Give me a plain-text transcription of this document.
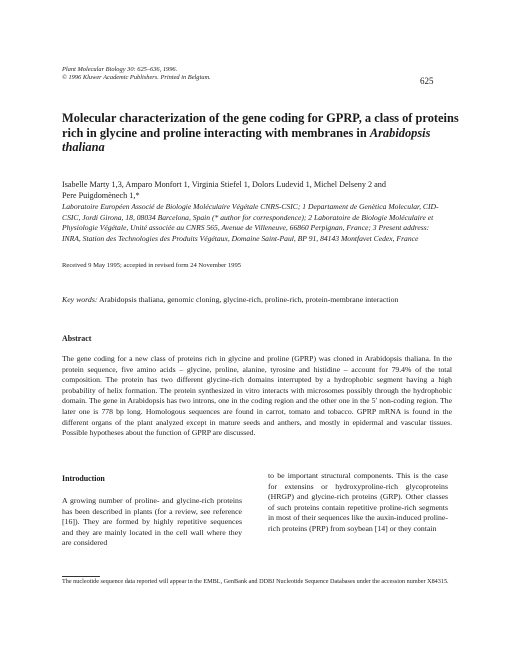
Plant Molecular Biology 30: 625–636, 1996.
© 1996 Kluwer Academic Publishers. Printed in Belgium.	625
Molecular characterization of the gene coding for GPRP, a class of proteins rich in glycine and proline interacting with membranes in Arabidopsis thaliana
Isabelle Marty 1,3, Amparo Monfort 1, Virginia Stiefel 1, Dolors Ludevid 1, Michel Delseny 2 and
Pere Puigdomènech 1,*
Laboratoire Européen Associé de Biologie Moléculaire Végétale CNRS-CSIC; 1 Departament de Genètica Molecular, CID-CSIC, Jordi Girona, 18, 08034 Barcelona, Spain (* author for correspondence); 2 Laboratoire de Biologie Moléculaire et Physiologie Végétale, Unité associée au CNRS 565, Avenue de Villeneuve, 66860 Perpignan, France; 3 Present address: INRA, Station des Technologies des Produits Végétaux, Domaine Saint-Paul, BP 91, 84143 Montfavet Cedex, France
Received 9 May 1995; accepted in revised form 24 November 1995
Key words: Arabidopsis thaliana, genomic cloning, glycine-rich, proline-rich, protein-membrane interaction
Abstract
The gene coding for a new class of proteins rich in glycine and proline (GPRP) was cloned in Arabidopsis thaliana. In the protein sequence, five amino acids – glycine, proline, alanine, tyrosine and histidine – account for 79.4% of the total composition. The protein has two different glycine-rich domains interrupted by a hydrophobic segment having a high probability of helix formation. The protein synthesized in vitro interacts with microsomes possibly through the hydrophobic domain. The gene in Arabidopsis has two introns, one in the coding region and the other one in the 5′ non-coding region. The later one is 778 bp long. Homologous sequences are found in carrot, tomato and tobacco. GPRP mRNA is found in the different organs of the plant analyzed except in mature seeds and anthers, and mostly in epidermal and vascular tissues. Possible hypotheses about the function of GPRP are discussed.
Introduction
A growing number of proline- and glycine-rich proteins has been described in plants (for a review, see reference [16]). They are formed by highly repetitive sequences and they are mainly located in the cell wall where they are considered
to be important structural components. This is the case for extensins or hydroxyproline-rich glycoproteins (HRGP) and glycine-rich proteins (GRP). Other classes of such proteins contain repetitive proline-rich segments in most of their sequences like the auxin-induced proline-rich proteins (PRP) from soybean [14] or they contain
The nucleotide sequence data reported will appear in the EMBL, GenBank and DDBJ Nucleotide Sequence Databases under the accession number X84315.
